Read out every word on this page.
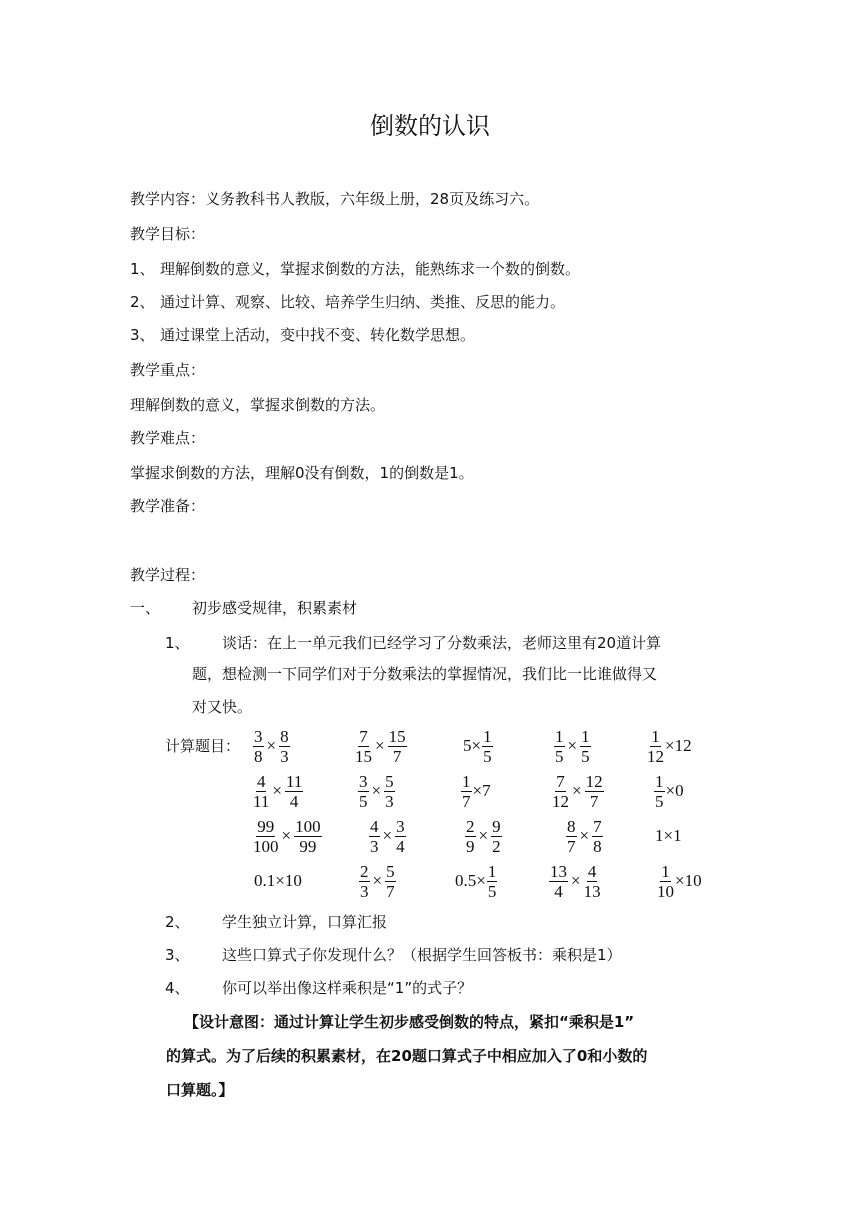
倒数的认识
教学内容：义务教科书人教版，六年级上册，28页及练习六。
教学目标：
1、 理解倒数的意义，掌握求倒数的方法，能熟练求一个数的倒数。
2、 通过计算、观察、比较、培养学生归纳、类推、反思的能力。
3、 通过课堂上活动，变中找不变、转化数学思想。
教学重点：
理解倒数的意义，掌握求倒数的方法。
教学难点：
掌握求倒数的方法，理解0没有倒数，1的倒数是1。
教学准备：
教学过程：
一、 初步感受规律，积累素材
1、 谈话：在上一单元我们已经学习了分数乘法，老师这里有20道计算
题，想检测一下同学们对于分数乘法的掌握情况，我们比一比谁做得又
对又快。
计算题目： $\frac{3}{8} \times \frac{8}{3}$	$\frac{7}{15} \times \frac{15}{7}$	$5\times \frac{1}{5}$	$\frac{1}{5} \times \frac{1}{5}$	$\frac{1}{12} \times 12$
$\frac{4}{11} \times \frac{11}{4}$	$\frac{3}{5} \times \frac{5}{3}$	$\frac{1}{7} \times 7$	$\frac{7}{12} \times \frac{12}{7}$	$\frac{1}{5} \times 0$
$\frac{99}{100} \times \frac{100}{99}$	$\frac{4}{3} \times \frac{3}{4}$	$\frac{2}{9} \times \frac{9}{2}$	$\frac{8}{7} \times \frac{7}{8}$	1×1
0.1×10	$\frac{2}{3} \times \frac{5}{7}$	$0.5\times \frac{1}{5}$	$\frac{13}{4} \times \frac{4}{13}$	$\frac{1}{10} \times 10$
2、 学生独立计算，口算汇报
3、 这些口算式子你发现什么？（根据学生回答板书：乘积是1）
4、 你可以举出像这样乘积是“1”的式子？
【设计意图：通过计算让学生初步感受倒数的特点，紧扣“乘积是1”
的算式。为了后续的积累素材，在20题口算式子中相应加入了0和小数的
口算题。】
